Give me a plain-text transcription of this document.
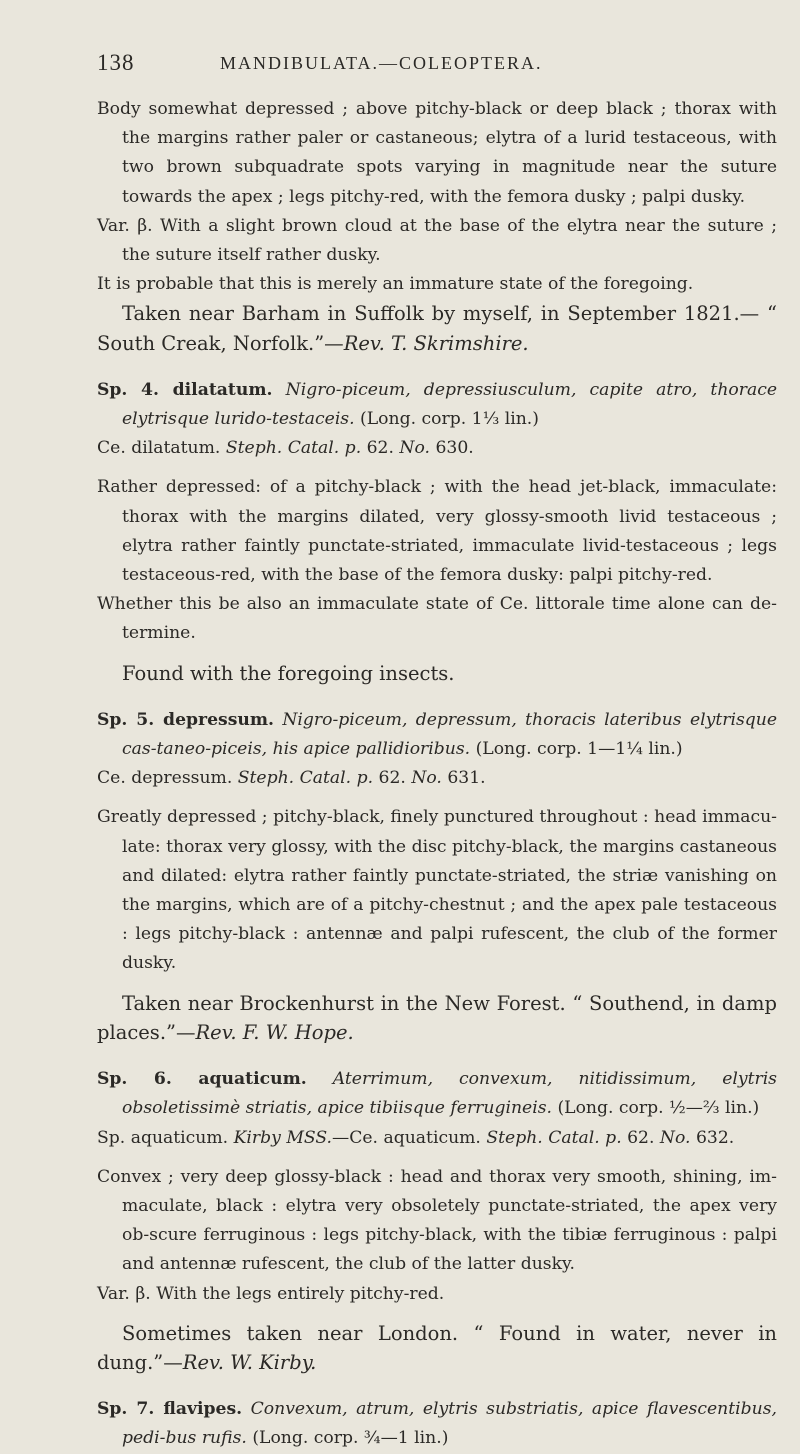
138	MANDIBULATA.—COLEOPTERA.

Body somewhat depressed ; above pitchy-black or deep black ; thorax with the margins rather paler or castaneous; elytra of a lurid testaceous, with two brown subquadrate spots varying in magnitude near the suture towards the apex ; legs pitchy-red, with the femora dusky ; palpi dusky.

Var. β. With a slight brown cloud at the base of the elytra near the suture ; the suture itself rather dusky.

It is probable that this is merely an immature state of the foregoing.

Taken near Barham in Suffolk by myself, in September 1821.— “ South Creak, Norfolk.”—Rev. T. Skrimshire.

Sp. 4. dilatatum. Nigro-piceum, depressiusculum, capite atro, thorace elytrisque lurido-testaceis. (Long. corp. 1⅓ lin.)

Ce. dilatatum. Steph. Catal. p. 62. No. 630.

Rather depressed: of a pitchy-black ; with the head jet-black, immaculate: thorax with the margins dilated, very glossy-smooth livid testaceous ; elytra rather faintly punctate-striated, immaculate livid-testaceous ; legs testaceous-red, with the base of the femora dusky: palpi pitchy-red.

Whether this be also an immaculate state of Ce. littorale time alone can de-termine.

Found with the foregoing insects.

Sp. 5. depressum. Nigro-piceum, depressum, thoracis lateribus elytrisque cas-taneo-piceis, his apice pallidioribus. (Long. corp. 1—1¼ lin.)

Ce. depressum. Steph. Catal. p. 62. No. 631.

Greatly depressed ; pitchy-black, finely punctured throughout : head immacu-late: thorax very glossy, with the disc pitchy-black, the margins castaneous and dilated: elytra rather faintly punctate-striated, the striæ vanishing on the margins, which are of a pitchy-chestnut ; and the apex pale testaceous : legs pitchy-black : antennæ and palpi rufescent, the club of the former dusky.

Taken near Brockenhurst in the New Forest. “ Southend, in damp places.”—Rev. F. W. Hope.

Sp. 6. aquaticum. Aterrimum, convexum, nitidissimum, elytris obsoletissimè striatis, apice tibiisque ferrugineis. (Long. corp. ½—⅔ lin.)

Sp. aquaticum. Kirby MSS.—Ce. aquaticum. Steph. Catal. p. 62. No. 632.

Convex ; very deep glossy-black : head and thorax very smooth, shining, im-maculate, black : elytra very obsoletely punctate-striated, the apex very ob-scure ferruginous : legs pitchy-black, with the tibiæ ferruginous : palpi and antennæ rufescent, the club of the latter dusky.

Var. β. With the legs entirely pitchy-red.

Sometimes taken near London. “ Found in water, never in dung.”—Rev. W. Kirby.

Sp. 7. flavipes. Convexum, atrum, elytris substriatis, apice flavescentibus, pedi-bus rufis. (Long. corp. ¾—1 lin.)
